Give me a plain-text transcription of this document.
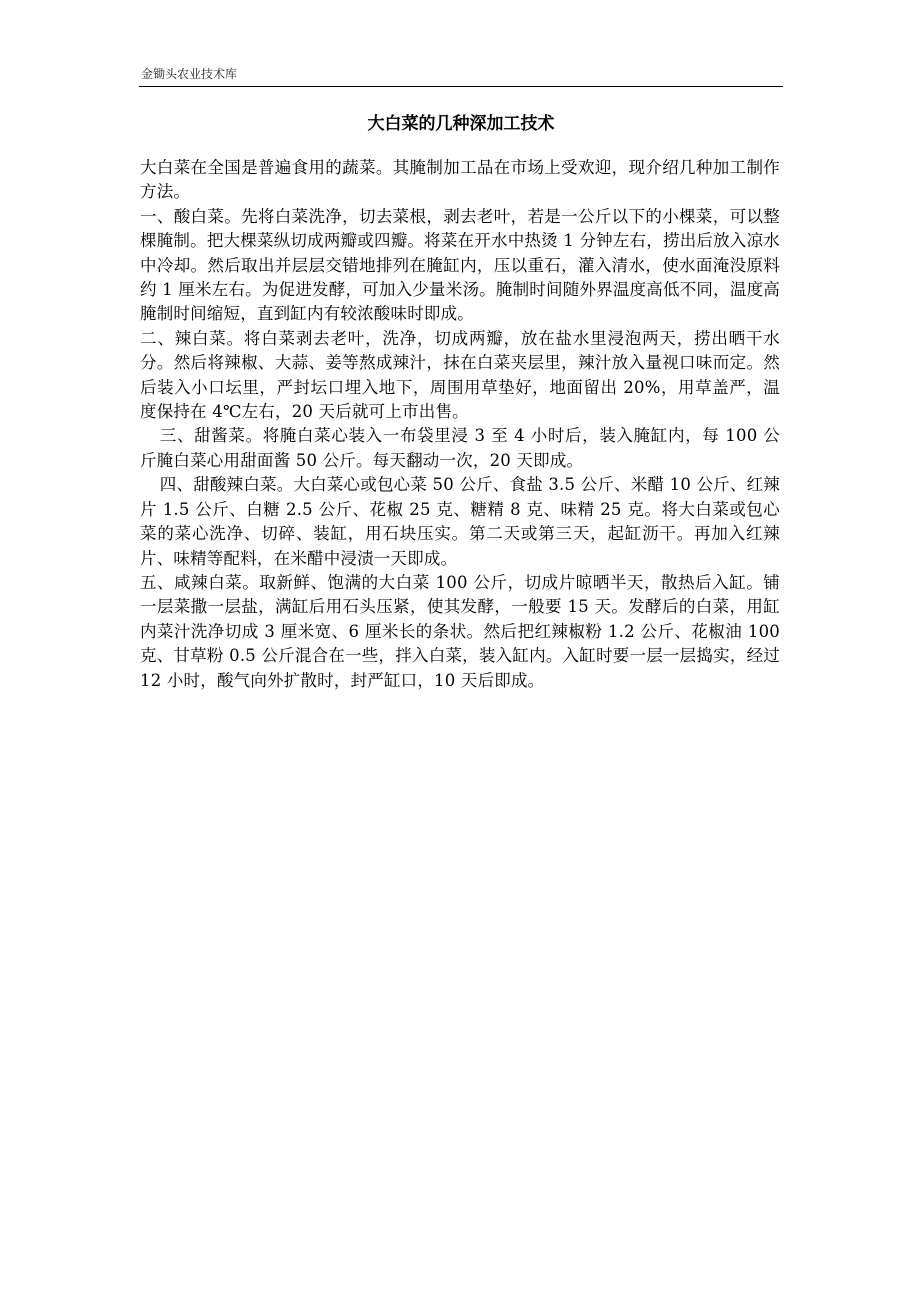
金锄头农业技术库
大白菜的几种深加工技术

大白菜在全国是普遍食用的蔬菜。其腌制加工品在市场上受欢迎，现介绍几种加工制作方法。

一、酸白菜。先将白菜洗净，切去菜根，剥去老叶，若是一公斤以下的小棵菜，可以整棵腌制。把大棵菜纵切成两瓣或四瓣。将菜在开水中热烫 1 分钟左右，捞出后放入凉水中冷却。然后取出并层层交错地排列在腌缸内，压以重石，灌入清水，使水面淹没原料约 1 厘米左右。为促进发酵，可加入少量米汤。腌制时间随外界温度高低不同，温度高腌制时间缩短，直到缸内有较浓酸味时即成。

二、辣白菜。将白菜剥去老叶，洗净，切成两瓣，放在盐水里浸泡两天，捞出晒干水分。然后将辣椒、大蒜、姜等熬成辣汁，抹在白菜夹层里，辣汁放入量视口味而定。然后装入小口坛里，严封坛口埋入地下，周围用草垫好，地面留出 20%，用草盖严，温度保持在 4℃左右，20 天后就可上市出售。

三、甜酱菜。将腌白菜心装入一布袋里浸 3 至 4 小时后，装入腌缸内，每 100 公斤腌白菜心用甜面酱 50 公斤。每天翻动一次，20 天即成。

四、甜酸辣白菜。大白菜心或包心菜 50 公斤、食盐 3.5 公斤、米醋 10 公斤、红辣片 1.5 公斤、白糖 2.5 公斤、花椒 25 克、糖精 8 克、味精 25 克。将大白菜或包心菜的菜心洗净、切碎、装缸，用石块压实。第二天或第三天，起缸沥干。再加入红辣片、味精等配料，在米醋中浸渍一天即成。

五、咸辣白菜。取新鲜、饱满的大白菜 100 公斤，切成片晾晒半天，散热后入缸。铺一层菜撒一层盐，满缸后用石头压紧，使其发酵，一般要 15 天。发酵后的白菜，用缸内菜汁洗净切成 3 厘米宽、6 厘米长的条状。然后把红辣椒粉 1.2 公斤、花椒油 100 克、甘草粉 0.5 公斤混合在一些，拌入白菜，装入缸内。入缸时要一层一层捣实，经过 12 小时，酸气向外扩散时，封严缸口，10 天后即成。
